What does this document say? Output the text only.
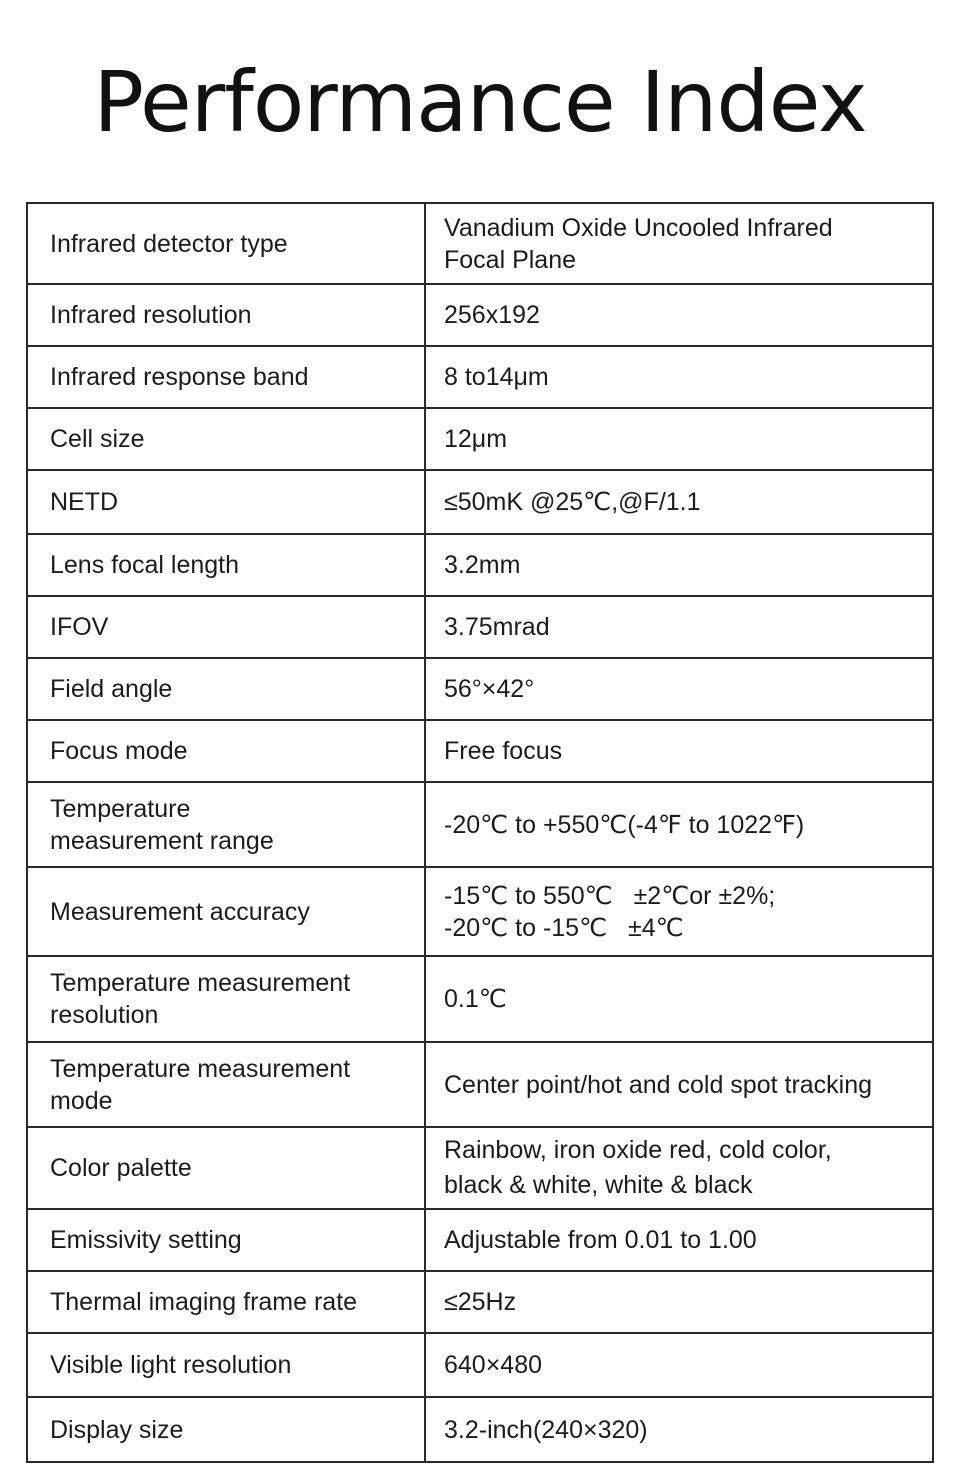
Performance Index
Infrared detector type	Vanadium Oxide Uncooled Infrared Focal Plane
Infrared resolution	256x192
Infrared response band	8 to14μm
Cell size	12μm
NETD	≤50mK @25℃,@F/1.1
Lens focal length	3.2mm
IFOV	3.75mrad
Field angle	56°×42°
Focus mode	Free focus
Temperature measurement range	-20℃ to +550℃(-4℉ to 1022℉)
Measurement accuracy	-15℃ to 550℃   ±2℃or ±2%;
-20℃ to -15℃   ±4℃
Temperature measurement resolution	0.1℃
Temperature measurement mode	Center point/hot and cold spot tracking
Color palette	Rainbow, iron oxide red, cold color, black & white, white & black
Emissivity setting	Adjustable from 0.01 to 1.00
Thermal imaging frame rate	≤25Hz
Visible light resolution	640×480
Display size	3.2-inch(240×320)
